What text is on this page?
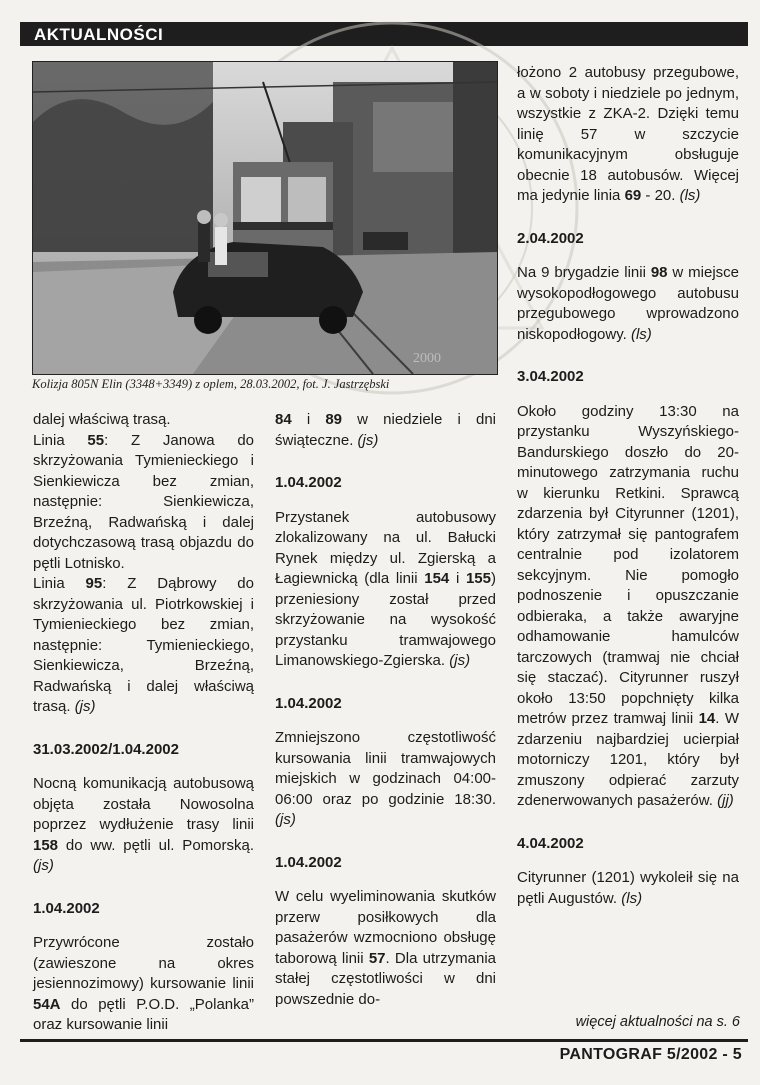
AKTUALNOŚCI
2000
Kolizja 805N Elin (3348+3349) z oplem, 28.03.2002, fot. J. Jastrzębski

dalej właściwą trasą.

Linia 55: Z Janowa do skrzyżowania Tymienieckiego i Sienkiewicza bez zmian, następnie: Sienkiewicza, Brzeźną, Radwańską i dalej dotychczasową trasą objazdu do pętli Lotnisko.

Linia 95: Z Dąbrowy do skrzyżowania ul. Piotrkowskiej i Tymienieckiego bez zmian, następnie: Tymienieckiego, Sienkiewicza, Brzeźną, Radwańską i dalej właściwą trasą. (js)

31.03.2002/1.04.2002

Nocną komunikacją autobusową objęta została Nowosolna poprzez wydłużenie trasy linii 158 do ww. pętli ul. Pomorską. (js)

1.04.2002

Przywrócone zostało (zawieszone na okres jesiennozimowy) kursowanie linii 54A do pętli P.O.D. „Polanka” oraz kursowanie linii

84 i 89 w niedziele i dni świąteczne. (js)

1.04.2002

Przystanek autobusowy zlokalizowany na ul. Bałucki Rynek między ul. Zgierską a Łagiewnicką (dla linii 154 i 155) przeniesiony został przed skrzyżowanie na wysokość przystanku tramwajowego Limanowskiego-Zgierska. (js)

1.04.2002

Zmniejszono częstotliwość kursowania linii tramwajowych miejskich w godzinach 04:00-06:00 oraz po godzinie 18:30. (js)

1.04.2002

W celu wyeliminowania skutków przerw posiłkowych dla pasażerów wzmocniono obsługę taborową linii 57. Dla utrzymania stałej częstotliwości w dni powszednie do-

łożono 2 autobusy przegubowe, a w soboty i niedziele po jednym, wszystkie z ZKA-2. Dzięki temu linię 57 w szczycie komunikacyjnym obsługuje obecnie 18 autobusów. Więcej ma jedynie linia 69 - 20. (ls)

2.04.2002

Na 9 brygadzie linii 98 w miejsce wysokopodłogowego autobusu przegubowego wprowadzono niskopodłogowy. (ls)

3.04.2002

Około godziny 13:30 na przystanku Wyszyńskiego-Bandurskiego doszło do 20-minutowego zatrzymania ruchu w kierunku Retkini. Sprawcą zdarzenia był Cityrunner (1201), który zatrzymał się pantografem centralnie pod izolatorem sekcyjnym. Nie pomogło podnoszenie i opuszczanie odbieraka, a także awaryjne odhamowanie hamulców tarczowych (tramwaj nie chciał się staczać). Cityrunner ruszył około 13:50 popchnięty kilka metrów przez tramwaj linii 14. W zdarzeniu najbardziej ucierpiał motorniczy 1201, który był zmuszony odpierać zarzuty zdenerwowanych pasażerów. (jj)

4.04.2002

Cityrunner (1201) wykoleił się na pętli Augustów. (ls)

więcej aktualności na s. 6
PANTOGRAF 5/2002 - 5
